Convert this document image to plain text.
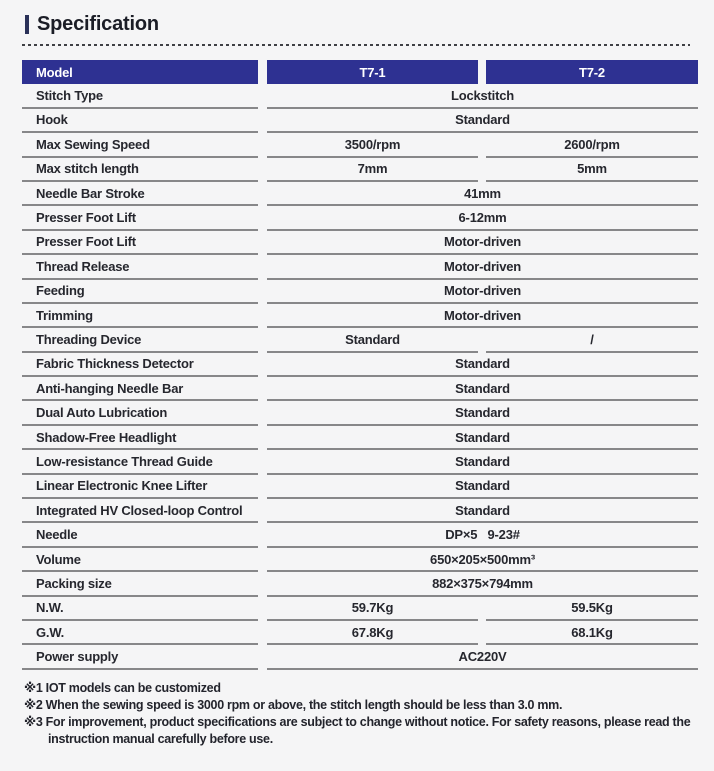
Specification
Model	T7-1	T7-2
Stitch Type	Lockstitch
Hook	Standard
Max Sewing Speed	3500/rpm	2600/rpm
Max stitch length	7mm	5mm
Needle Bar Stroke	41mm
Presser Foot Lift	6-12mm
Presser Foot Lift	Motor-driven
Thread Release	Motor-driven
Feeding	Motor-driven
Trimming	Motor-driven
Threading Device	Standard	/
Fabric Thickness Detector	Standard
Anti-hanging Needle Bar	Standard
Dual Auto Lubrication	Standard
Shadow-Free Headlight	Standard
Low-resistance Thread Guide	Standard
Linear Electronic Knee Lifter	Standard
Integrated HV Closed-loop Control	Standard
Needle	DP×5   9-23#
Volume	650×205×500mm³
Packing size	882×375×794mm
N.W.	59.7Kg	59.5Kg
G.W.	67.8Kg	68.1Kg
Power supply	AC220V
※1 IOT models can be customized
※2 When the sewing speed is 3000 rpm or above, the stitch length should be less than 3.0 mm.
※3 For improvement, product specifications are subject to change without notice. For safety reasons, please read the instruction manual carefully before use.
